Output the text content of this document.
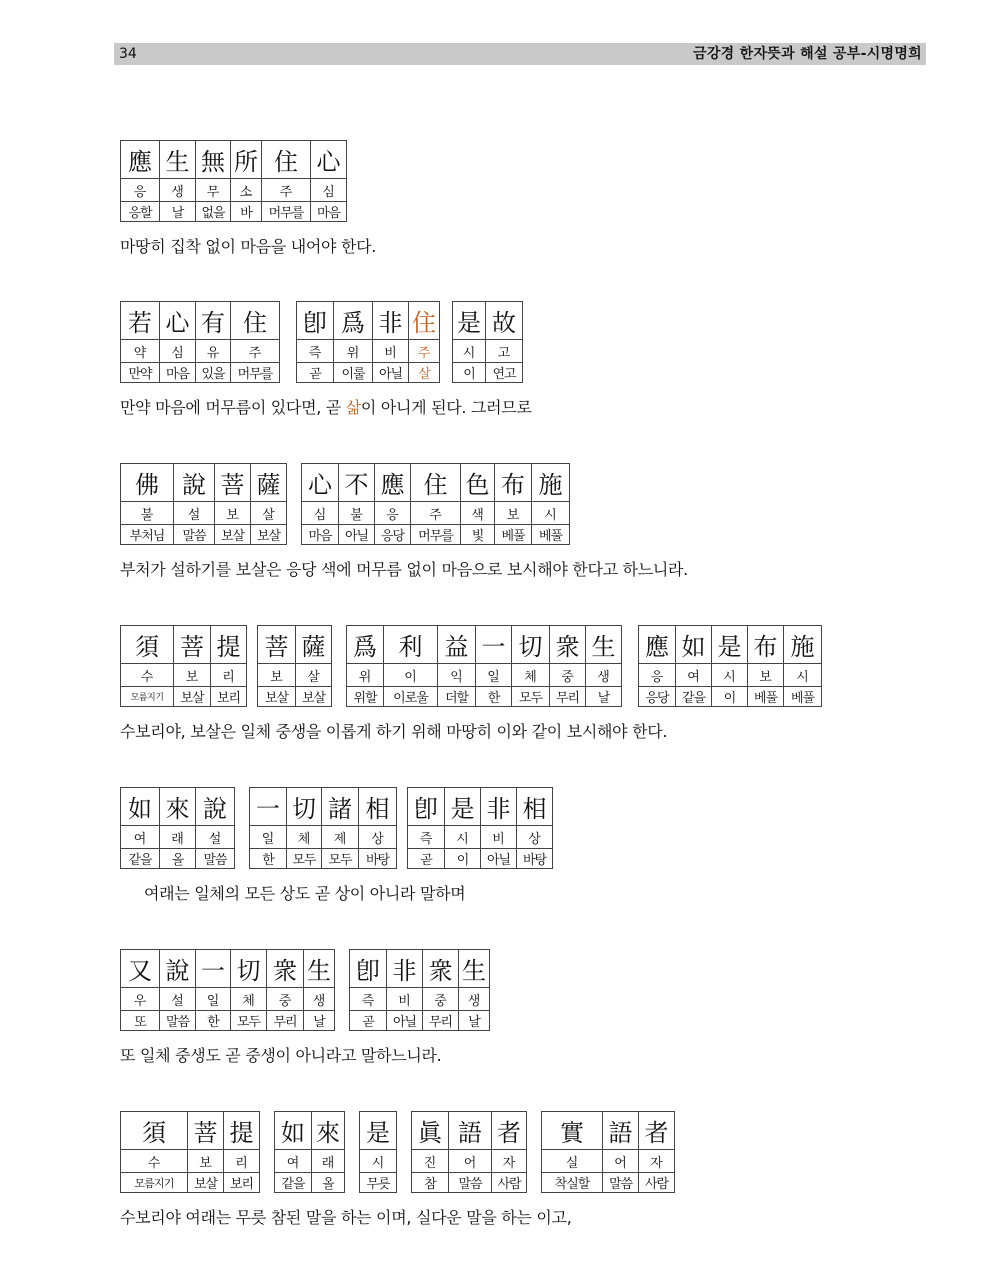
34	금강경 한자뜻과 해설 공부-시명명희
應	生	無	所	住	心
응	생	무	소	주	심
응할	날	없을	바	머무를	마음
마땅히 집착 없이 마음을 내어야 한다.
若	心	有	住		卽	爲	非	住		是	故
약	심	유	주		즉	위	비	주		시	고
만약	마음	있을	머무를		곧	이룰	아닐	살		이	연고
만약 마음에 머무름이 있다면, 곧 삶이 아니게 된다. 그러므로
佛	說	菩	薩		心	不	應	住	色	布	施
불	설	보	살		심	불	응	주	색	보	시
부처님	말씀	보살	보살		마음	아닐	응당	머무를	빛	베풀	베풀
부처가 설하기를 보살은 응당 색에 머무름 없이 마음으로 보시해야 한다고 하느니라.
須	菩	提		菩	薩		爲	利	益	一	切	衆	生		應	如	是	布	施
수	보	리		보	살		위	이	익	일	체	중	생		응	여	시	보	시
모름지기	보살	보리		보살	보살		위할	이로울	더할	한	모두	무리	날		응당	같을	이	베풀	베풀
수보리야, 보살은 일체 중생을 이롭게 하기 위해 마땅히 이와 같이 보시해야 한다.
如	來	說		一	切	諸	相		卽	是	非	相
여	래	설		일	체	제	상		즉	시	비	상
같을	올	말씀		한	모두	모두	바탕		곧	이	아닐	바탕
여래는 일체의 모든 상도 곧 상이 아니라 말하며
又	說	一	切	衆	生		卽	非	衆	生
우	설	일	체	중	생		즉	비	중	생
또	말씀	한	모두	무리	날		곧	아닐	무리	날
또 일체 중생도 곧 중생이 아니라고 말하느니라.
須	菩	提		如	來		是		眞	語	者		實	語	者
수	보	리		여	래		시		진	어	자		실	어	자
모름지기	보살	보리		같을	올		무릇		참	말씀	사람		착실할	말씀	사람
수보리야 여래는 무릇 참된 말을 하는 이며, 실다운 말을 하는 이고,
